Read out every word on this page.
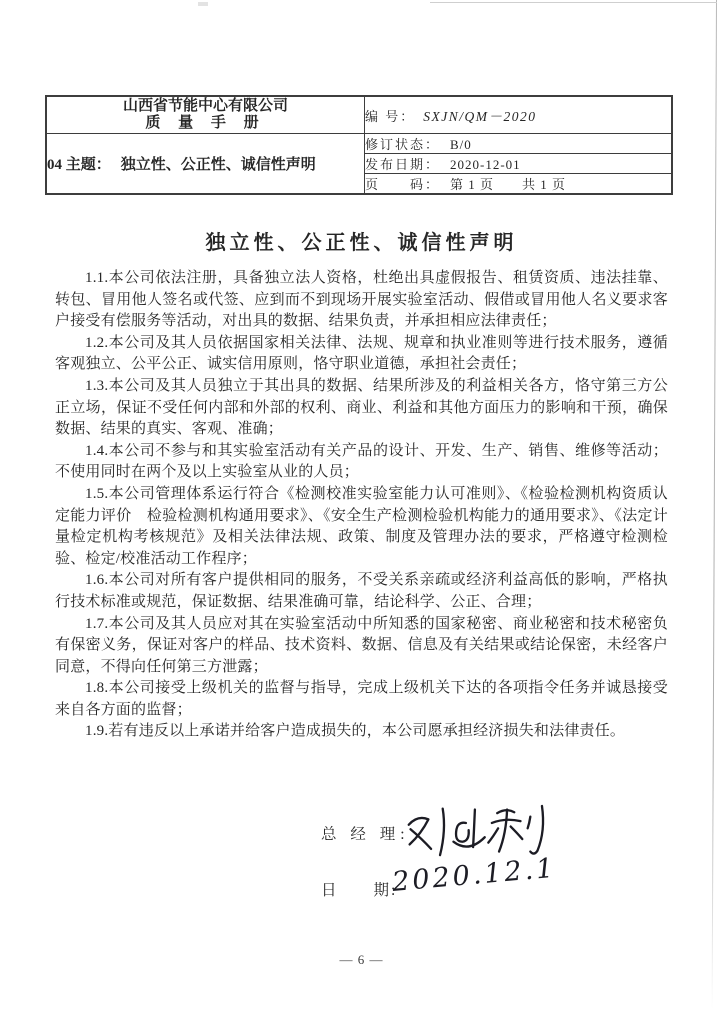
山西省节能中心有限公司
质 量 手 册	编 号： SXJN/QM－2020
04 主题： 独立性、公正性、诚信性声明	修订状态： B/0
	发布日期： 2020-12-01
	页　　码： 第 1 页　　共 1 页
独立性、公正性、诚信性声明

1.1.本公司依法注册，具备独立法人资格，杜绝出具虚假报告、租赁资质、违法挂靠、转包、冒用他人签名或代签、应到而不到现场开展实验室活动、假借或冒用他人名义要求客户接受有偿服务等活动，对出具的数据、结果负责，并承担相应法律责任；

1.2.本公司及其人员依据国家相关法律、法规、规章和执业准则等进行技术服务，遵循客观独立、公平公正、诚实信用原则，恪守职业道德，承担社会责任；

1.3.本公司及其人员独立于其出具的数据、结果所涉及的利益相关各方，恪守第三方公正立场，保证不受任何内部和外部的权利、商业、利益和其他方面压力的影响和干预，确保数据、结果的真实、客观、准确；

1.4.本公司不参与和其实验室活动有关产品的设计、开发、生产、销售、维修等活动；不使用同时在两个及以上实验室从业的人员；

1.5.本公司管理体系运行符合《检测校准实验室能力认可准则》、《检验检测机构资质认定能力评价　检验检测机构通用要求》、《安全生产检测检验机构能力的通用要求》、《法定计量检定机构考核规范》及相关法律法规、政策、制度及管理办法的要求，严格遵守检测检验、检定/校准活动工作程序；

1.6.本公司对所有客户提供相同的服务，不受关系亲疏或经济利益高低的影响，严格执行技术标准或规范，保证数据、结果准确可靠，结论科学、公正、合理；

1.7.本公司及其人员应对其在实验室活动中所知悉的国家秘密、商业秘密和技术秘密负有保密义务，保证对客户的样品、技术资料、数据、信息及有关结果或结论保密，未经客户同意，不得向任何第三方泄露；

1.8.本公司接受上级机关的监督与指导，完成上级机关下达的各项指令任务并诚恳接受来自各方面的监督；

1.9.若有违反以上承诺并给客户造成损失的，本公司愿承担经济损失和法律责任。

总 经 理:
日　　期:
2020.12.1
— 6 —
